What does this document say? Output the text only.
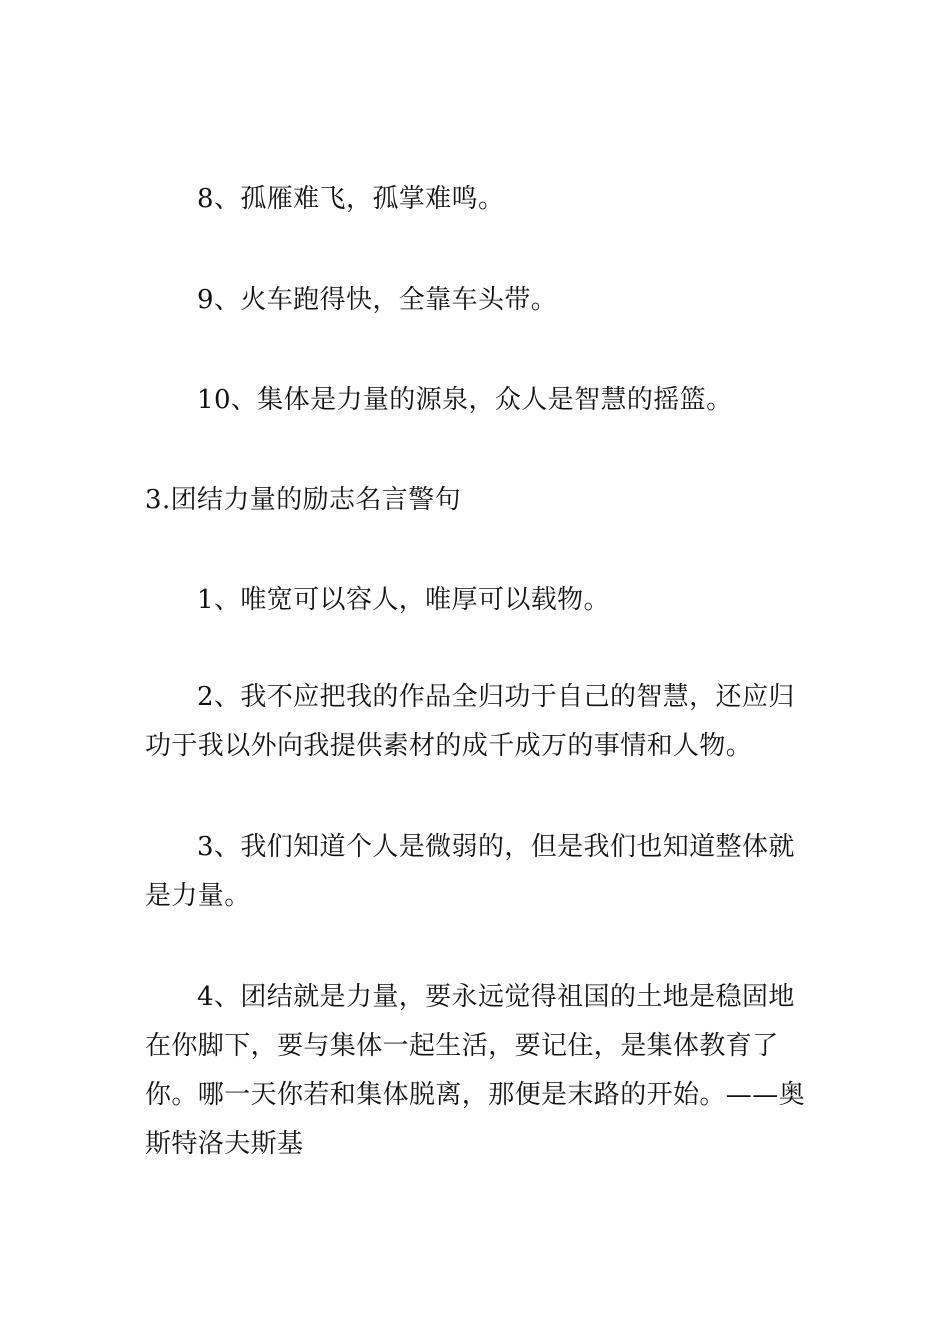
8、孤雁难飞，孤掌难鸣。

9、火车跑得快，全靠车头带。

10、集体是力量的源泉，众人是智慧的摇篮。

3.团结力量的励志名言警句

1、唯宽可以容人，唯厚可以载物。

2、我不应把我的作品全归功于自己的智慧，还应归功于我以外向我提供素材的成千成万的事情和人物。

3、我们知道个人是微弱的，但是我们也知道整体就是力量。

4、团结就是力量，要永远觉得祖国的土地是稳固地在你脚下，要与集体一起生活，要记住，是集体教育了你。哪一天你若和集体脱离，那便是末路的开始。——奥斯特洛夫斯基
